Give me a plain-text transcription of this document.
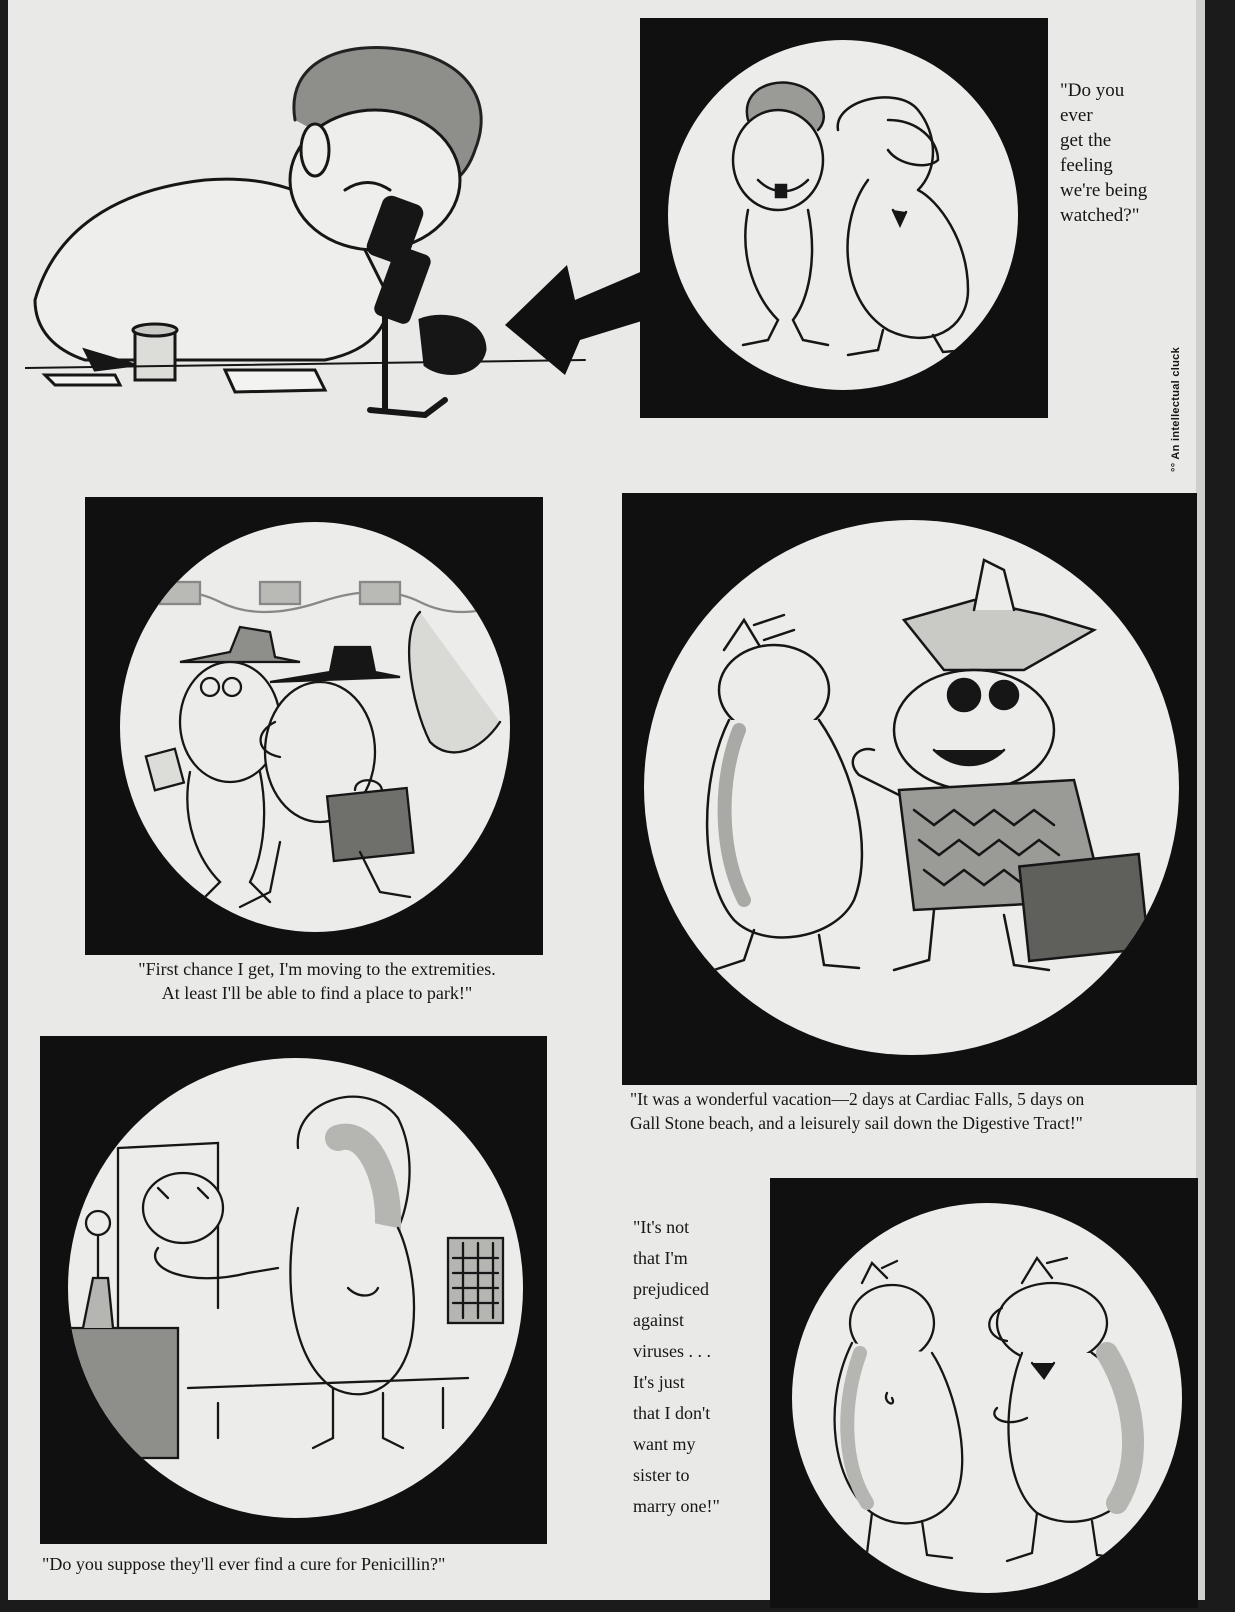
"Do you
ever
get the
feeling
we're being
watched?"
°° An intellectual cluck
"First chance I get, I'm moving to the extremities.
At least I'll be able to find a place to park!"
"It was a wonderful vacation—2 days at Cardiac Falls, 5 days on
Gall Stone beach, and a leisurely sail down the Digestive Tract!"
"Do you suppose they'll ever find a cure for Penicillin?"
"It's not
that I'm
prejudiced
against
viruses . . .
It's just
that I don't
want my
sister to
marry one!"
